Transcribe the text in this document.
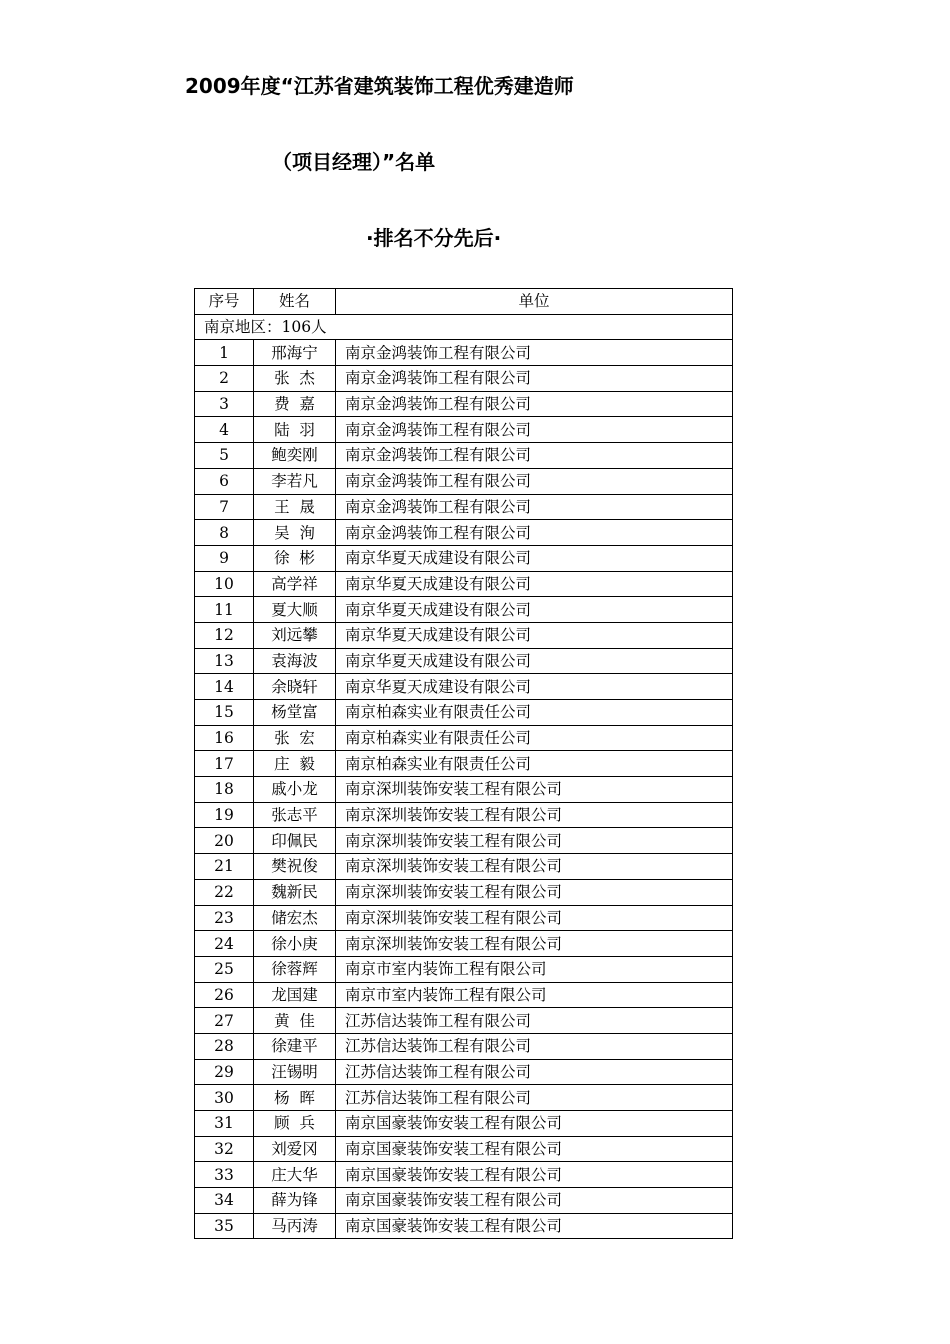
2009年度“江苏省建筑装饰工程优秀建造师
（项目经理）”名单
·排名不分先后·
序号	姓名	单位
南京地区：106人		
1	邢海宁	南京金鸿装饰工程有限公司
2	张  杰	南京金鸿装饰工程有限公司
3	费  嘉	南京金鸿装饰工程有限公司
4	陆  羽	南京金鸿装饰工程有限公司
5	鲍奕刚	南京金鸿装饰工程有限公司
6	李若凡	南京金鸿装饰工程有限公司
7	王  晟	南京金鸿装饰工程有限公司
8	吴  洵	南京金鸿装饰工程有限公司
9	徐  彬	南京华夏天成建设有限公司
10	高学祥	南京华夏天成建设有限公司
11	夏大顺	南京华夏天成建设有限公司
12	刘远攀	南京华夏天成建设有限公司
13	袁海波	南京华夏天成建设有限公司
14	余晓轩	南京华夏天成建设有限公司
15	杨堂富	南京柏森实业有限责任公司
16	张  宏	南京柏森实业有限责任公司
17	庄  毅	南京柏森实业有限责任公司
18	戚小龙	南京深圳装饰安装工程有限公司
19	张志平	南京深圳装饰安装工程有限公司
20	印佩民	南京深圳装饰安装工程有限公司
21	樊祝俊	南京深圳装饰安装工程有限公司
22	魏新民	南京深圳装饰安装工程有限公司
23	储宏杰	南京深圳装饰安装工程有限公司
24	徐小庚	南京深圳装饰安装工程有限公司
25	徐蓉辉	南京市室内装饰工程有限公司
26	龙国建	南京市室内装饰工程有限公司
27	黄  佳	江苏信达装饰工程有限公司
28	徐建平	江苏信达装饰工程有限公司
29	汪锡明	江苏信达装饰工程有限公司
30	杨  晖	江苏信达装饰工程有限公司
31	顾  兵	南京国豪装饰安装工程有限公司
32	刘爱冈	南京国豪装饰安装工程有限公司
33	庄大华	南京国豪装饰安装工程有限公司
34	薛为锋	南京国豪装饰安装工程有限公司
35	马丙涛	南京国豪装饰安装工程有限公司
